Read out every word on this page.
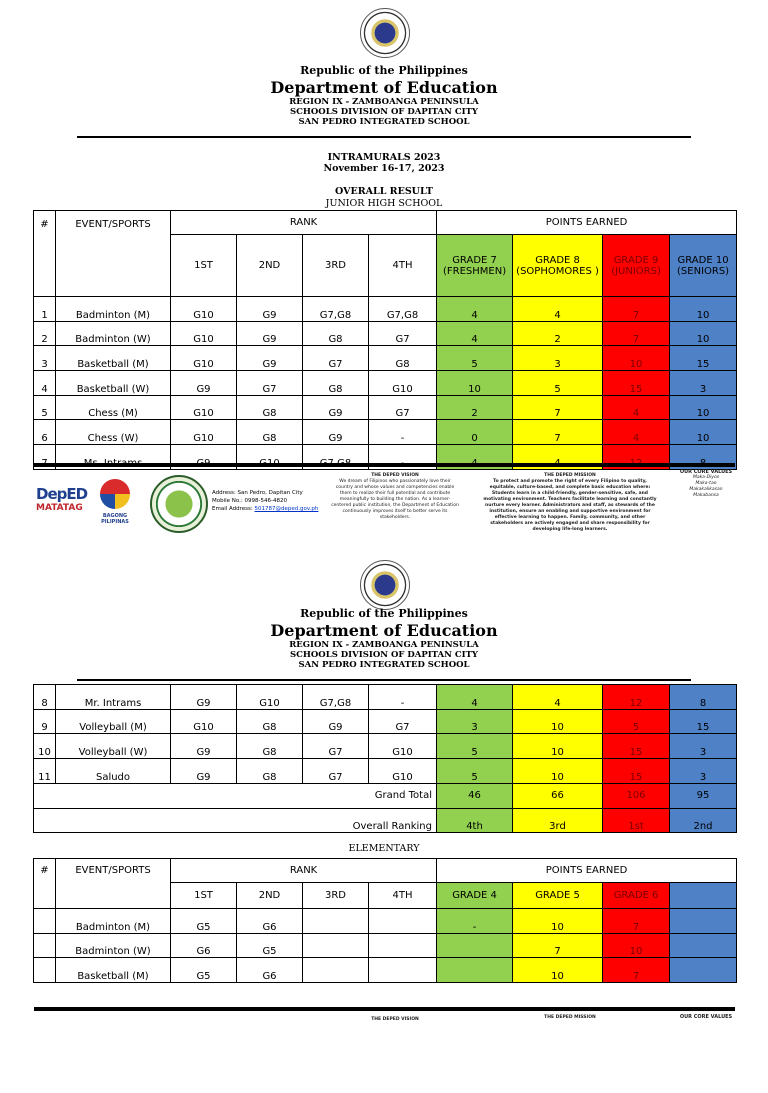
Republic of the Philippines
Department of Education
REGION IX - ZAMBOANGA PENINSULA
SCHOOLS DIVISION OF DAPITAN CITY
SAN PEDRO INTEGRATED SCHOOL
INTRAMURALS 2023
November 16-17, 2023
OVERALL RESULT
JUNIOR HIGH SCHOOL
#	EVENT/SPORTS	RANK				POINTS EARNED			
		1ST	2ND	3RD	4TH	GRADE 7 (FRESHMEN)	GRADE 8 (SOPHOMORES )	GRADE 9 (JUNIORS)	GRADE 10 (SENIORS)
1	Badminton (M)	G10	G9	G7,G8	G7,G8	4	4	7	10
2	Badminton (W)	G10	G9	G8	G7	4	2	7	10
3	Basketball (M)	G10	G9	G7	G8	5	3	10	15
4	Basketball (W)	G9	G7	G8	G10	10	5	15	3
5	Chess (M)	G10	G8	G9	G7	2	7	4	10
6	Chess (W)	G10	G8	G9	-	0	7	4	10

DepED
MATATAG
BAGONG PILIPINAS
Address: San Pedro, Dapitan City
Mobile No.: 0998-546-4820
Email Address: 501787@deped.gov.ph
THE DEPED VISION
We dream of Filipinos who passionately love their country and whose values and competencies enable them to realize their full potential and contribute meaningfully to building the nation. As a learner-centered public institution, the Department of Education continuously improves itself to better serve its stakeholders.
THE DEPED MISSION
To protect and promote the right of every Filipino to quality, equitable, culture-based, and complete basic education where: Students learn in a child-friendly, gender-sensitive, safe, and motivating environment. Teachers facilitate learning and constantly nurture every learner. Administrators and staff, as stewards of the institution, ensure an enabling and supportive environment for effective learning to happen. Family, community, and other stakeholders are actively engaged and share responsibility for developing life-long learners.
OUR CORE VALUES
Maka-Diyos
Maka-tao
Makakalikasan
Makabansa
Republic of the Philippines
Department of Education
REGION IX - ZAMBOANGA PENINSULA
SCHOOLS DIVISION OF DAPITAN CITY
SAN PEDRO INTEGRATED SCHOOL
8	Mr. Intrams	G9	G10	G7,G8	-	4	4	12	8
9	Volleyball (M)	G10	G8	G9	G7	3	10	5	15
10	Volleyball (W)	G9	G8	G7	G10	5	10	15	3
11	Saludo	G9	G8	G7	G10	5	10	15	3
Grand Total						46	66	106	95
Overall Ranking						4th	3rd	1st	2nd
ELEMENTARY
#	EVENT/SPORTS	RANK				POINTS EARNED			
		1ST	2ND	3RD	4TH	GRADE 4	GRADE 5	GRADE 6	
	Badminton (M)	G5	G6			-	10	7	
	Badminton (W)	G6	G5				7	10	
	Basketball (M)	G5	G6				10	7	
THE DEPED VISION	THE DEPED MISSION	OUR CORE VALUES
